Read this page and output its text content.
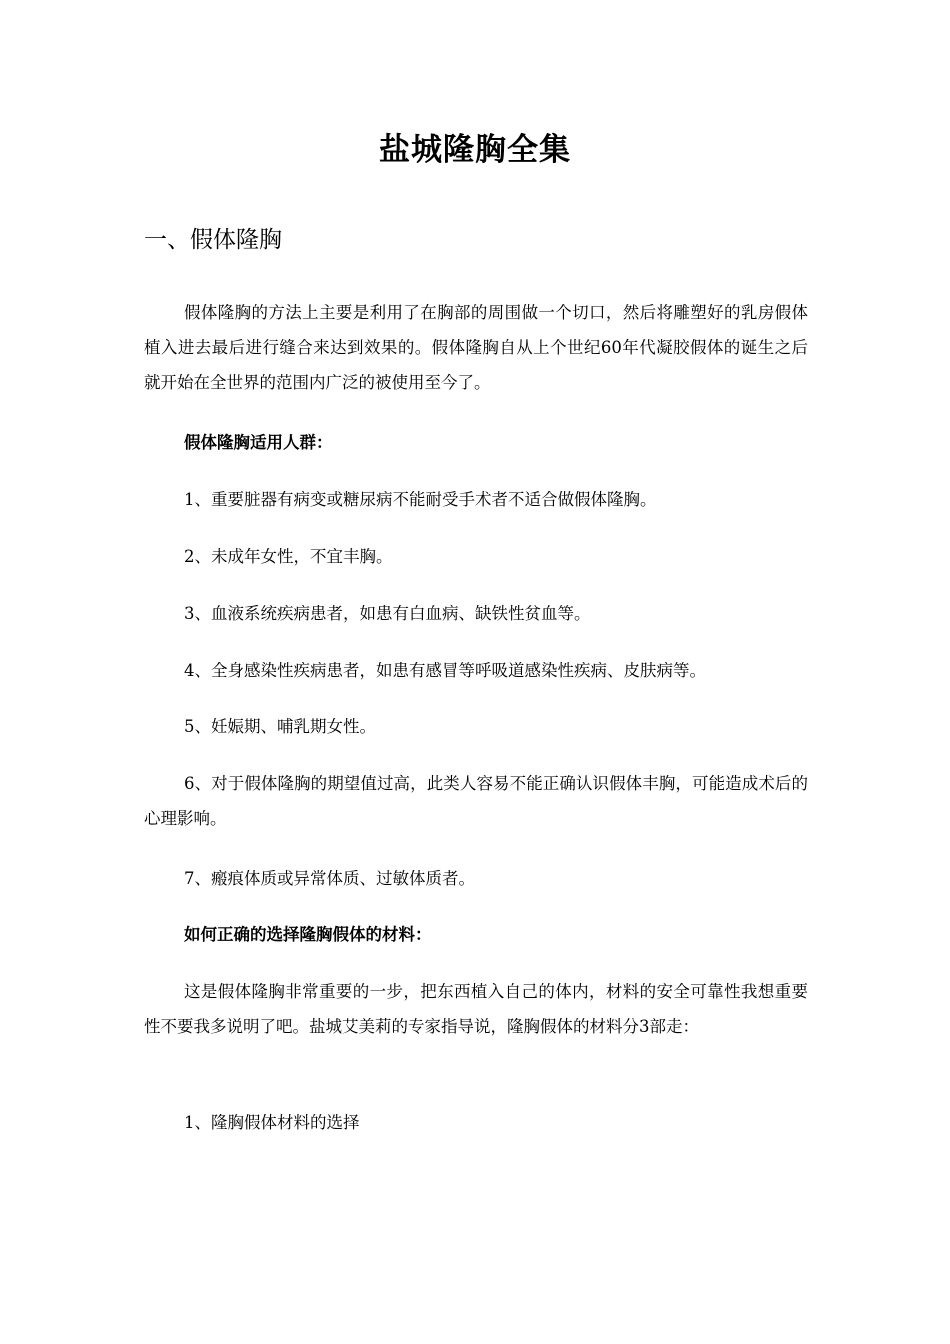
盐城隆胸全集
一、假体隆胸

假体隆胸的方法上主要是利用了在胸部的周围做一个切口，然后将雕塑好的乳房假体植入进去最后进行缝合来达到效果的。假体隆胸自从上个世纪60年代凝胶假体的诞生之后就开始在全世界的范围内广泛的被使用至今了。

假体隆胸适用人群：

1、重要脏器有病变或糖尿病不能耐受手术者不适合做假体隆胸。

2、未成年女性，不宜丰胸。

3、血液系统疾病患者，如患有白血病、缺铁性贫血等。

4、全身感染性疾病患者，如患有感冒等呼吸道感染性疾病、皮肤病等。

5、妊娠期、哺乳期女性。

6、对于假体隆胸的期望值过高，此类人容易不能正确认识假体丰胸，可能造成术后的心理影响。

7、瘢痕体质或异常体质、过敏体质者。

如何正确的选择隆胸假体的材料：

这是假体隆胸非常重要的一步，把东西植入自己的体内，材料的安全可靠性我想重要性不要我多说明了吧。盐城艾美莉的专家指导说，隆胸假体的材料分3部走：

1、隆胸假体材料的选择
